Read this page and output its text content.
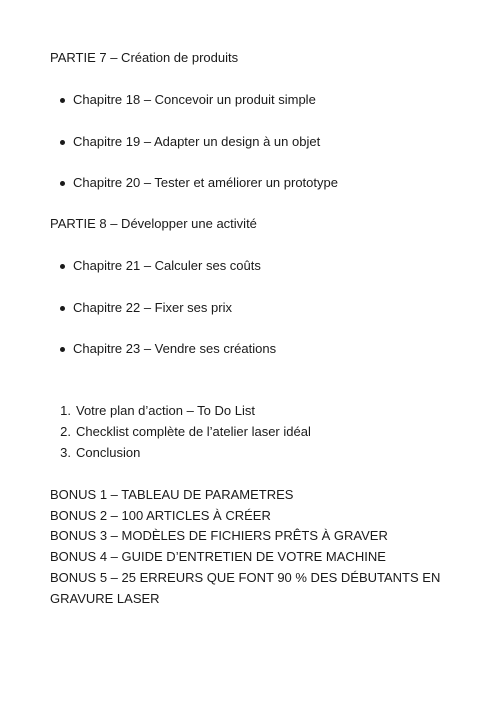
PARTIE 7 – Création de produits
Chapitre 18 – Concevoir un produit simple
Chapitre 19 – Adapter un design à un objet
Chapitre 20 – Tester et améliorer un prototype
PARTIE 8 – Développer une activité
Chapitre 21 – Calculer ses coûts
Chapitre 22 – Fixer ses prix
Chapitre 23 – Vendre ses créations
1. Votre plan d’action – To Do List
2. Checklist complète de l’atelier laser idéal
3. Conclusion
BONUS 1 – TABLEAU DE PARAMETRES
BONUS 2 – 100 ARTICLES À CRÉER
BONUS 3 – MODÈLES DE FICHIERS PRÊTS À GRAVER
BONUS 4 – GUIDE D’ENTRETIEN DE VOTRE MACHINE
BONUS 5 – 25 ERREURS QUE FONT 90 % DES DÉBUTANTS EN
GRAVURE LASER
